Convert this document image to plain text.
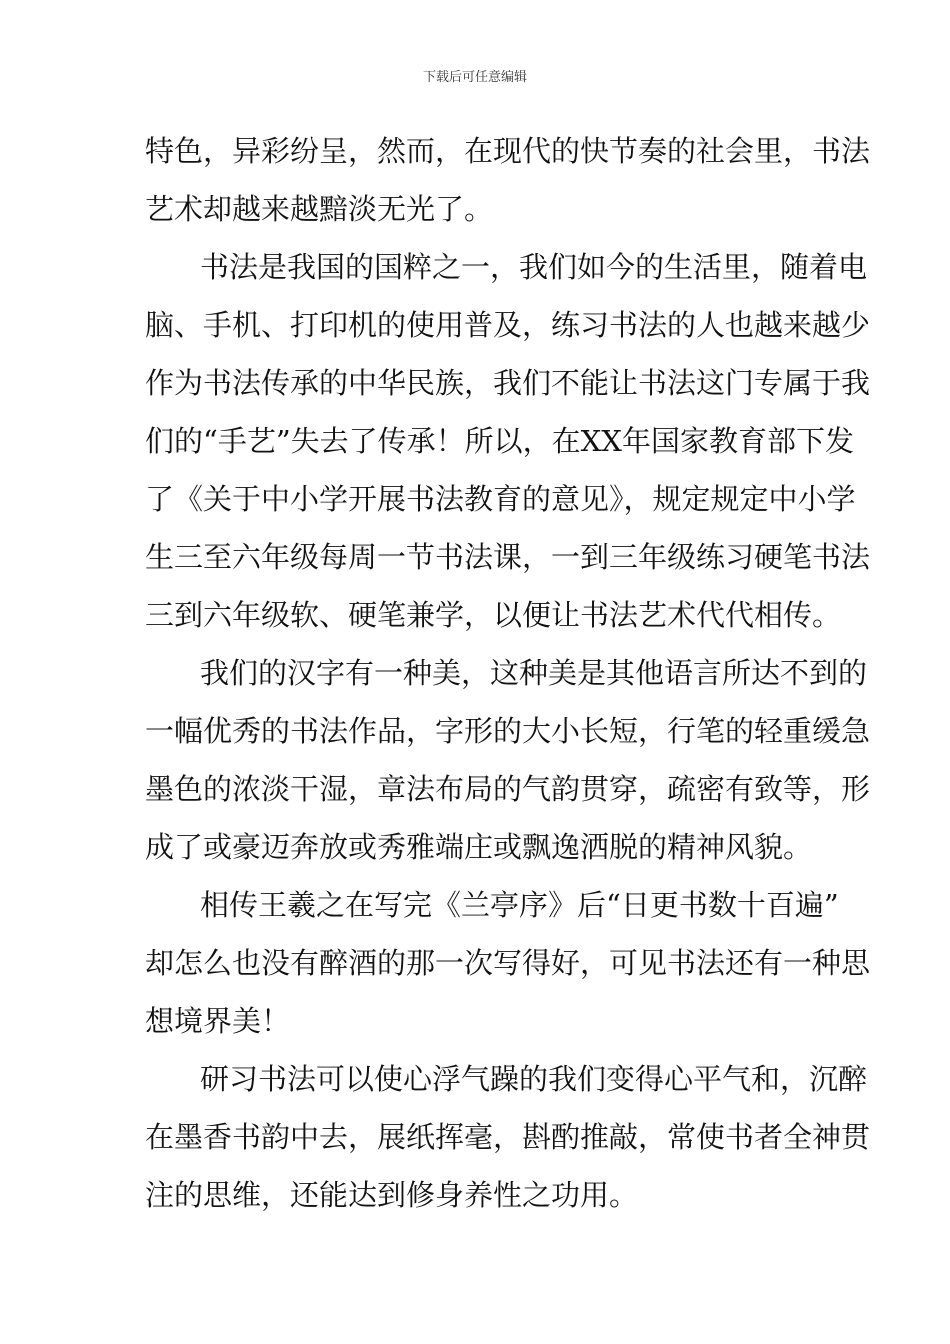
下载后可任意编辑
特色，异彩纷呈，然而，在现代的快节奏的社会里，书法
艺术却越来越黯淡无光了。
书法是我国的国粹之一，我们如今的生活里，随着电
脑、手机、打印机的使用普及，练习书法的人也越来越少
作为书法传承的中华民族，我们不能让书法这门专属于我
们的“手艺”失去了传承！所以，在XX年国家教育部下发
了《关于中小学开展书法教育的意见》，规定规定中小学
生三至六年级每周一节书法课，一到三年级练习硬笔书法
三到六年级软、硬笔兼学，以便让书法艺术代代相传。
我们的汉字有一种美，这种美是其他语言所达不到的
一幅优秀的书法作品，字形的大小长短，行笔的轻重缓急
墨色的浓淡干湿，章法布局的气韵贯穿，疏密有致等，形
成了或豪迈奔放或秀雅端庄或飘逸洒脱的精神风貌。
相传王羲之在写完《兰亭序》后“日更书数十百遍”
却怎么也没有醉酒的那一次写得好，可见书法还有一种思
想境界美！
研习书法可以使心浮气躁的我们变得心平气和，沉醉
在墨香书韵中去，展纸挥毫，斟酌推敲，常使书者全神贯
注的思维，还能达到修身养性之功用。
